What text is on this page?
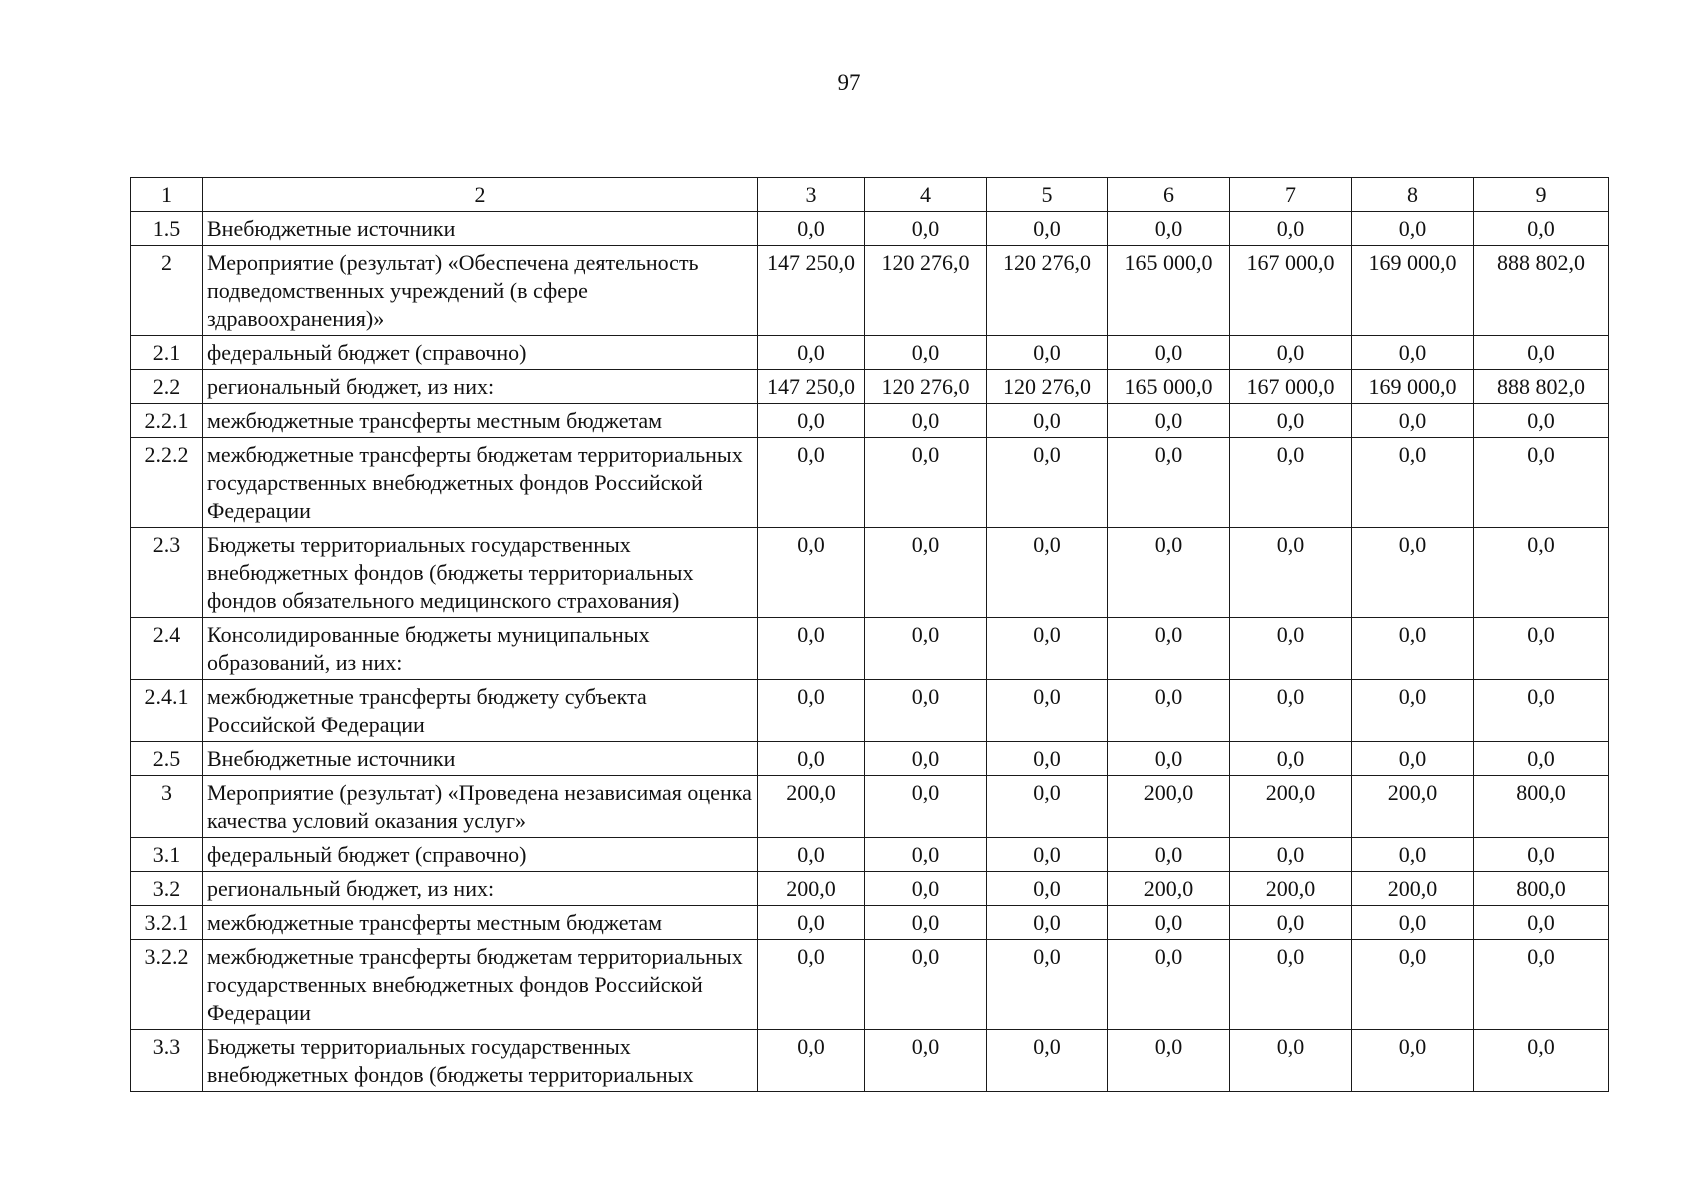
97
1	2	3	4	5	6	7	8	9
1.5	Внебюджетные источники	0,0	0,0	0,0	0,0	0,0	0,0	0,0
2	Мероприятие (результат) «Обеспечена деятельность подведомственных учреждений (в сфере здравоохранения)»	147 250,0	120 276,0	120 276,0	165 000,0	167 000,0	169 000,0	888 802,0
2.1	федеральный бюджет (справочно)	0,0	0,0	0,0	0,0	0,0	0,0	0,0
2.2	региональный бюджет, из них:	147 250,0	120 276,0	120 276,0	165 000,0	167 000,0	169 000,0	888 802,0
2.2.1	межбюджетные трансферты местным бюджетам	0,0	0,0	0,0	0,0	0,0	0,0	0,0
2.2.2	межбюджетные трансферты бюджетам территориальных государственных внебюджетных фондов Российской Федерации	0,0	0,0	0,0	0,0	0,0	0,0	0,0
2.3	Бюджеты территориальных государственных внебюджетных фондов (бюджеты территориальных фондов обязательного медицинского страхования)	0,0	0,0	0,0	0,0	0,0	0,0	0,0
2.4	Консолидированные бюджеты муниципальных образований, из них:	0,0	0,0	0,0	0,0	0,0	0,0	0,0
2.4.1	межбюджетные трансферты бюджету субъекта Российской Федерации	0,0	0,0	0,0	0,0	0,0	0,0	0,0
2.5	Внебюджетные источники	0,0	0,0	0,0	0,0	0,0	0,0	0,0
3	Мероприятие (результат) «Проведена независимая оценка качества условий оказания услуг»	200,0	0,0	0,0	200,0	200,0	200,0	800,0
3.1	федеральный бюджет (справочно)	0,0	0,0	0,0	0,0	0,0	0,0	0,0
3.2	региональный бюджет, из них:	200,0	0,0	0,0	200,0	200,0	200,0	800,0
3.2.1	межбюджетные трансферты местным бюджетам	0,0	0,0	0,0	0,0	0,0	0,0	0,0
3.2.2	межбюджетные трансферты бюджетам территориальных государственных внебюджетных фондов Российской Федерации	0,0	0,0	0,0	0,0	0,0	0,0	0,0
3.3	Бюджеты территориальных государственных внебюджетных фондов (бюджеты территориальных	0,0	0,0	0,0	0,0	0,0	0,0	0,0
